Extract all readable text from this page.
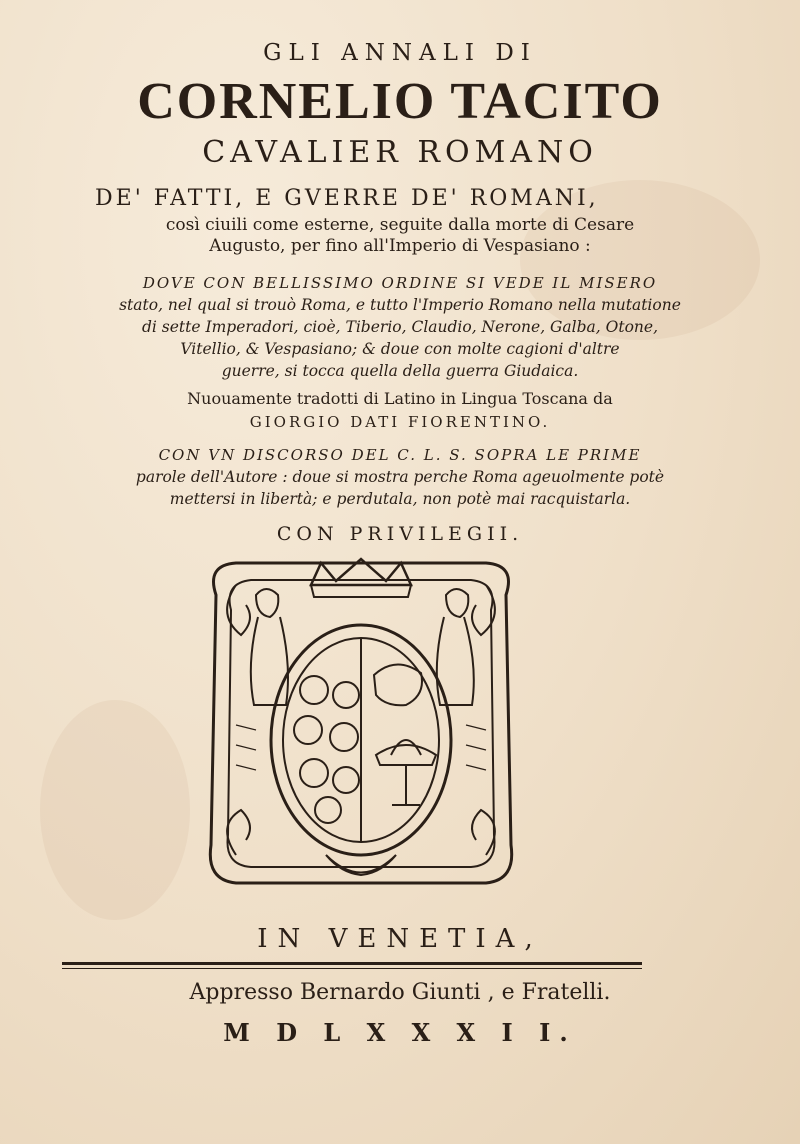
GLI ANNALI DI

CORNELIO TACITO

CAVALIER ROMANO

DE' FATTI, E GVERRE DE' ROMANI,

così ciuili come esterne, seguite dalla morte di Cesare

Augusto, per fino all'Imperio di Vespasiano :

DOVE CON BELLISSIMO ORDINE SI VEDE IL MISERO

stato, nel qual si trouò Roma, e tutto l'Imperio Romano nella mutatione

di sette Imperadori, cioè, Tiberio, Claudio, Nerone, Galba, Otone,

Vitellio, & Vespasiano; & doue con molte cagioni d'altre

guerre, si tocca quella della guerra Giudaica.

Nuouamente tradotti di Latino in Lingua Toscana da

GIORGIO DATI FIORENTINO.

CON VN DISCORSO DEL C. L. S. SOPRA LE PRIME

parole dell'Autore : doue si mostra perche Roma ageuolmente potè

mettersi in libertà; e perdutala, non potè mai racquistarla.

CON PRIVILEGII.

IN VENETIA,

Appresso Bernardo Giunti , e Fratelli.

M D L X X X I I.
